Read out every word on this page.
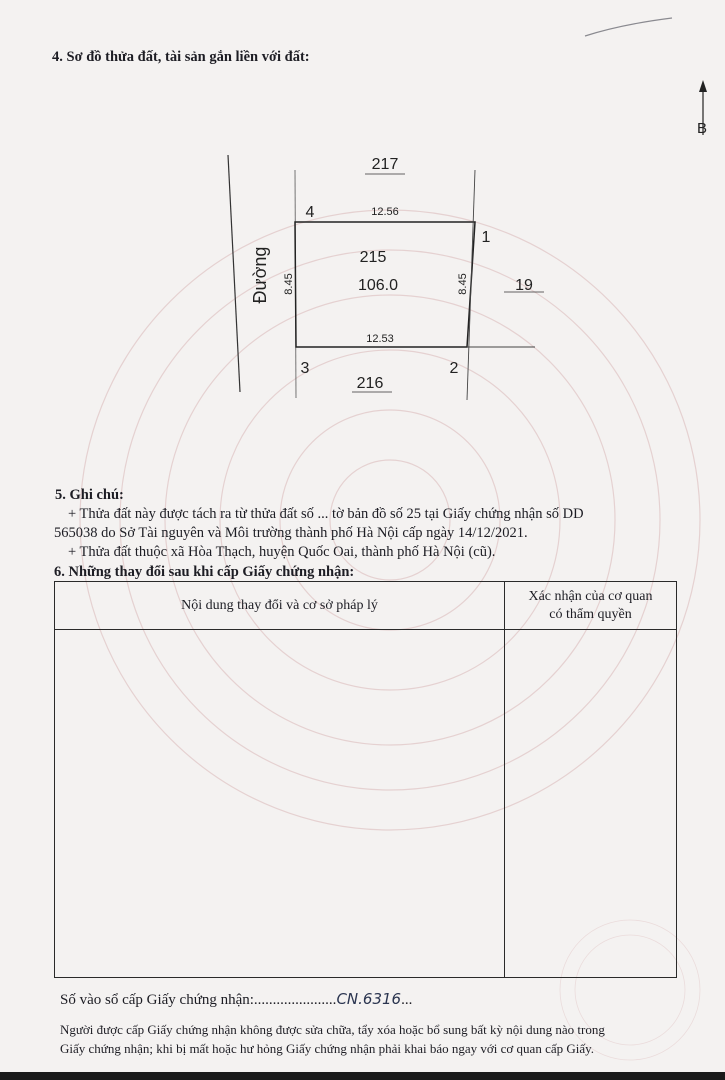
4. Sơ đồ thửa đất, tài sản gắn liền với đất:
B
Đường
217
12.56
4
1
215
106.0
8.45	8.45	19
12.53
3	2
216
5. Ghi chú:
+ Thửa đất này được tách ra từ thửa đất số ... tờ bản đồ số 25 tại Giấy chứng nhận số DD
565038 do Sở Tài nguyên và Môi trường thành phố Hà Nội cấp ngày 14/12/2021.
+ Thửa đất thuộc xã Hòa Thạch, huyện Quốc Oai, thành phố Hà Nội (cũ).
6. Những thay đổi sau khi cấp Giấy chứng nhận:
Nội dung thay đổi và cơ sở pháp lý	Xác nhận của cơ quan
có thẩm quyền

Số vào sổ cấp Giấy chứng nhận:......................CN.6316...
Người được cấp Giấy chứng nhận không được sửa chữa, tẩy xóa hoặc bổ sung bất kỳ nội dung nào trong
Giấy chứng nhận; khi bị mất hoặc hư hỏng Giấy chứng nhận phải khai báo ngay với cơ quan cấp Giấy.
